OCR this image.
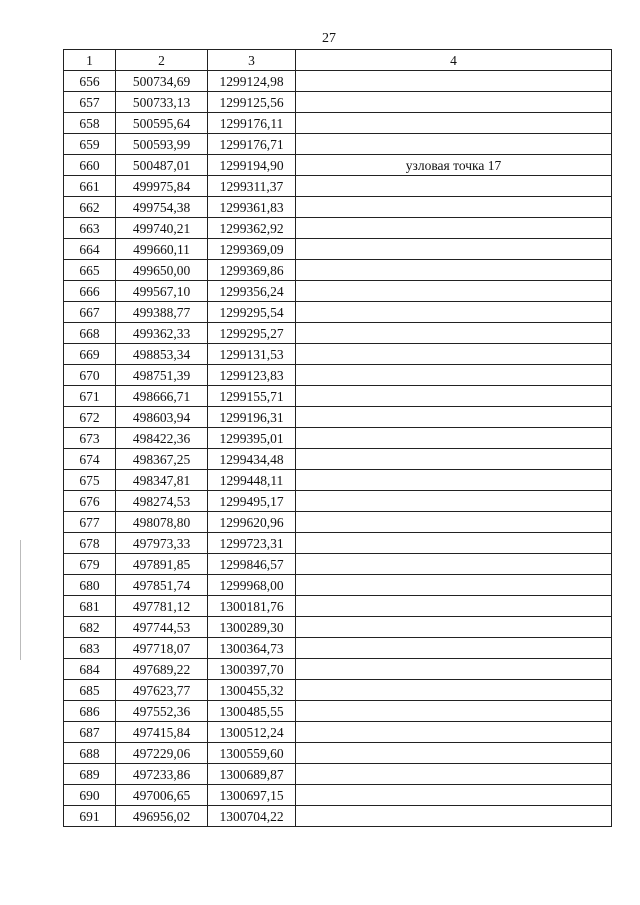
27
1	2	3	4
656	500734,69	1299124,98	
657	500733,13	1299125,56	
658	500595,64	1299176,11	
659	500593,99	1299176,71	
660	500487,01	1299194,90	узловая точка 17
661	499975,84	1299311,37	
662	499754,38	1299361,83	
663	499740,21	1299362,92	
664	499660,11	1299369,09	
665	499650,00	1299369,86	
666	499567,10	1299356,24	
667	499388,77	1299295,54	
668	499362,33	1299295,27	
669	498853,34	1299131,53	
670	498751,39	1299123,83	
671	498666,71	1299155,71	
672	498603,94	1299196,31	
673	498422,36	1299395,01	
674	498367,25	1299434,48	
675	498347,81	1299448,11	
676	498274,53	1299495,17	
677	498078,80	1299620,96	
678	497973,33	1299723,31	
679	497891,85	1299846,57	
680	497851,74	1299968,00	
681	497781,12	1300181,76	
682	497744,53	1300289,30	
683	497718,07	1300364,73	
684	497689,22	1300397,70	
685	497623,77	1300455,32	
686	497552,36	1300485,55	
687	497415,84	1300512,24	
688	497229,06	1300559,60	
689	497233,86	1300689,87	
690	497006,65	1300697,15	
691	496956,02	1300704,22	
